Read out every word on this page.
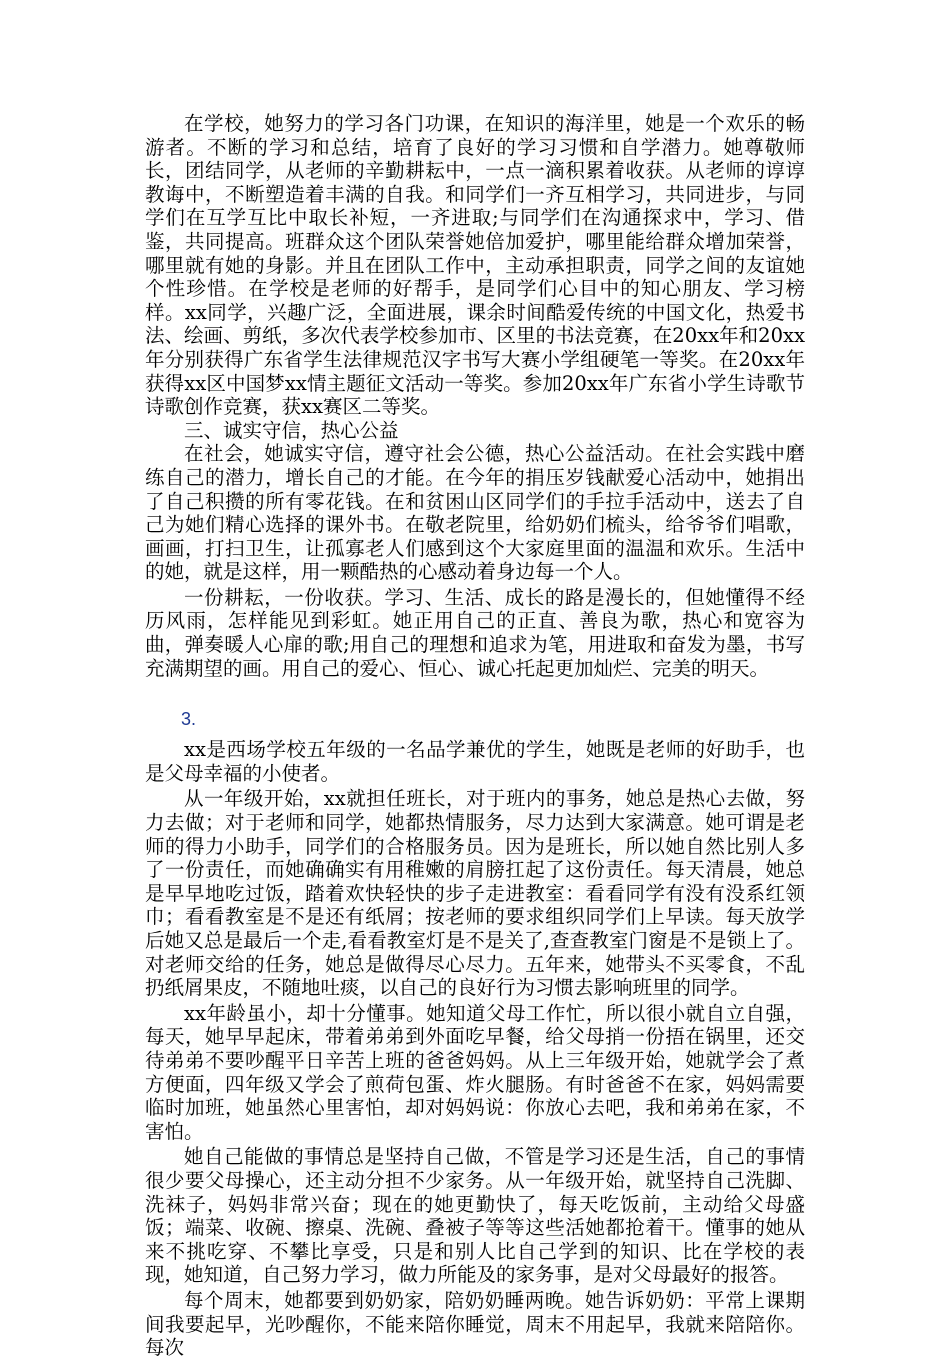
在学校，她努力的学习各门功课，在知识的海洋里，她是一个欢乐的畅游者。不断的学习和总结，培育了良好的学习习惯和自学潜力。她尊敬师长，团结同学，从老师的辛勤耕耘中，一点一滴积累着收获。从老师的谆谆教诲中，不断塑造着丰满的自我。和同学们一齐互相学习，共同进步，与同学们在互学互比中取长补短，一齐进取;与同学们在沟通探求中，学习、借鉴，共同提高。班群众这个团队荣誉她倍加爱护，哪里能给群众增加荣誉，哪里就有她的身影。并且在团队工作中，主动承担职责，同学之间的友谊她个性珍惜。在学校是老师的好帮手，是同学们心目中的知心朋友、学习榜样。xx同学，兴趣广泛，全面进展，课余时间酷爱传统的中国文化，热爱书法、绘画、剪纸，多次代表学校参加市、区里的书法竞赛，在20xx年和20xx年分别获得广东省学生法律规范汉字书写大赛小学组硬笔一等奖。在20xx年获得xx区中国梦xx情主题征文活动一等奖。参加20xx年广东省小学生诗歌节诗歌创作竞赛，获xx赛区二等奖。

三、诚实守信，热心公益

在社会，她诚实守信，遵守社会公德，热心公益活动。在社会实践中磨练自己的潜力，增长自己的才能。在今年的捐压岁钱献爱心活动中，她捐出了自己积攒的所有零花钱。在和贫困山区同学们的手拉手活动中，送去了自己为她们精心选择的课外书。在敬老院里，给奶奶们梳头，给爷爷们唱歌，画画，打扫卫生，让孤寡老人们感到这个大家庭里面的温温和欢乐。生活中的她，就是这样，用一颗酷热的心感动着身边每一个人。

一份耕耘，一份收获。学习、生活、成长的路是漫长的，但她懂得不经历风雨，怎样能见到彩虹。她正用自己的正直、善良为歌，热心和宽容为曲，弹奏暖人心扉的歌;用自己的理想和追求为笔，用进取和奋发为墨，书写充满期望的画。用自己的爱心、恒心、诚心托起更加灿烂、完美的明天。

3.

xx是西场学校五年级的一名品学兼优的学生，她既是老师的好助手，也是父母幸福的小使者。

从一年级开始，xx就担任班长，对于班内的事务，她总是热心去做，努力去做；对于老师和同学，她都热情服务，尽力达到大家满意。她可谓是老师的得力小助手，同学们的合格服务员。因为是班长，所以她自然比别人多了一份责任，而她确确实有用稚嫩的肩膀扛起了这份责任。每天清晨，她总是早早地吃过饭，踏着欢快轻快的步子走进教室：看看同学有没有没系红领巾；看看教室是不是还有纸屑；按老师的要求组织同学们上早读。每天放学后她又总是最后一个走,看看教室灯是不是关了,查查教室门窗是不是锁上了。对老师交给的任务，她总是做得尽心尽力。五年来，她带头不买零食，不乱扔纸屑果皮，不随地吐痰，以自己的良好行为习惯去影响班里的同学。

xx年龄虽小，却十分懂事。她知道父母工作忙，所以很小就自立自强，每天，她早早起床，带着弟弟到外面吃早餐，给父母捎一份捂在锅里，还交待弟弟不要吵醒平日辛苦上班的爸爸妈妈。从上三年级开始，她就学会了煮方便面，四年级又学会了煎荷包蛋、炸火腿肠。有时爸爸不在家，妈妈需要临时加班，她虽然心里害怕，却对妈妈说：你放心去吧，我和弟弟在家，不害怕。

她自己能做的事情总是坚持自己做，不管是学习还是生活，自己的事情很少要父母操心，还主动分担不少家务。从一年级开始，就坚持自己洗脚、洗袜子，妈妈非常兴奋；现在的她更勤快了，每天吃饭前，主动给父母盛饭；端菜、收碗、擦桌、洗碗、叠被子等等这些活她都抢着干。懂事的她从来不挑吃穿、不攀比享受，只是和别人比自己学到的知识、比在学校的表现，她知道，自己努力学习，做力所能及的家务事，是对父母最好的报答。

每个周末，她都要到奶奶家，陪奶奶睡两晚。她告诉奶奶：平常上课期间我要起早，光吵醒你，不能来陪你睡觉，周末不用起早，我就来陪陪你。每次
